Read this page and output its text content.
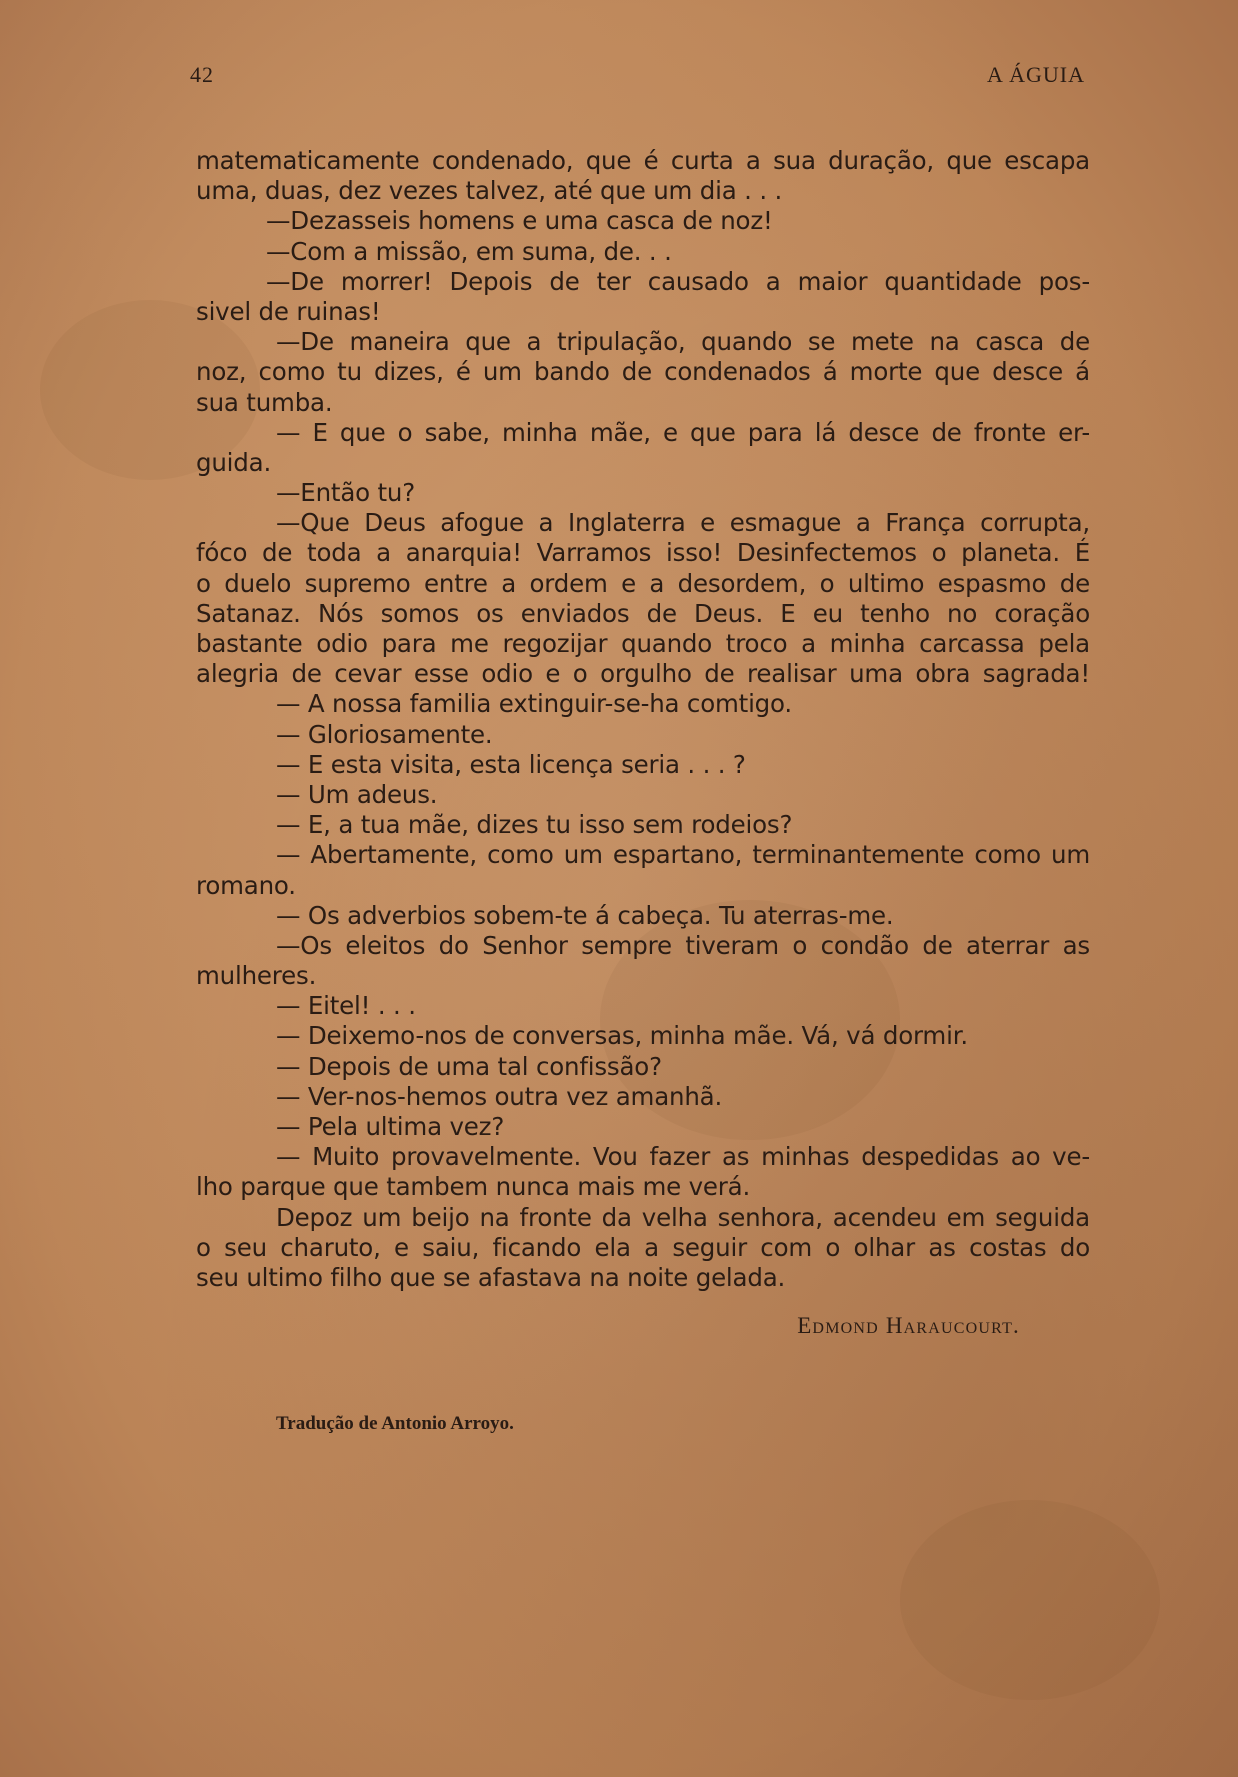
42	A ÁGUIA
matematicamente condenado, que é curta a sua duração, que escapa
uma, duas, dez vezes talvez, até que um dia . . .
—Dezasseis homens e uma casca de noz!
—Com a missão, em suma, de. . .
—De morrer! Depois de ter causado a maior quantidade pos-
sivel de ruinas!
—De maneira que a tripulação, quando se mete na casca de
noz, como tu dizes, é um bando de condenados á morte que desce á
sua tumba.
— E que o sabe, minha mãe, e que para lá desce de fronte er-
guida.
—Então tu?
—Que Deus afogue a Inglaterra e esmague a França corrupta,
fóco de toda a anarquia! Varramos isso! Desinfectemos o planeta. É
o duelo supremo entre a ordem e a desordem, o ultimo espasmo de
Satanaz. Nós somos os enviados de Deus. E eu tenho no coração
bastante odio para me regozijar quando troco a minha carcassa pela
alegria de cevar esse odio e o orgulho de realisar uma obra sagrada!
— A nossa familia extinguir-se-ha comtigo.
— Gloriosamente.
— E esta visita, esta licença seria . . . ?
— Um adeus.
— E, a tua mãe, dizes tu isso sem rodeios?
— Abertamente, como um espartano, terminantemente como um
romano.
— Os adverbios sobem-te á cabeça. Tu aterras-me.
—Os eleitos do Senhor sempre tiveram o condão de aterrar as
mulheres.
— Eitel! . . .
— Deixemo-nos de conversas, minha mãe. Vá, vá dormir.
— Depois de uma tal confissão?
— Ver-nos-hemos outra vez amanhã.
— Pela ultima vez?
— Muito provavelmente. Vou fazer as minhas despedidas ao ve-
lho parque que tambem nunca mais me verá.
Depoz um beijo na fronte da velha senhora, acendeu em seguida
o seu charuto, e saiu, ficando ela a seguir com o olhar as costas do
seu ultimo filho que se afastava na noite gelada.
Edmond Haraucourt.
Tradução de Antonio Arroyo.
